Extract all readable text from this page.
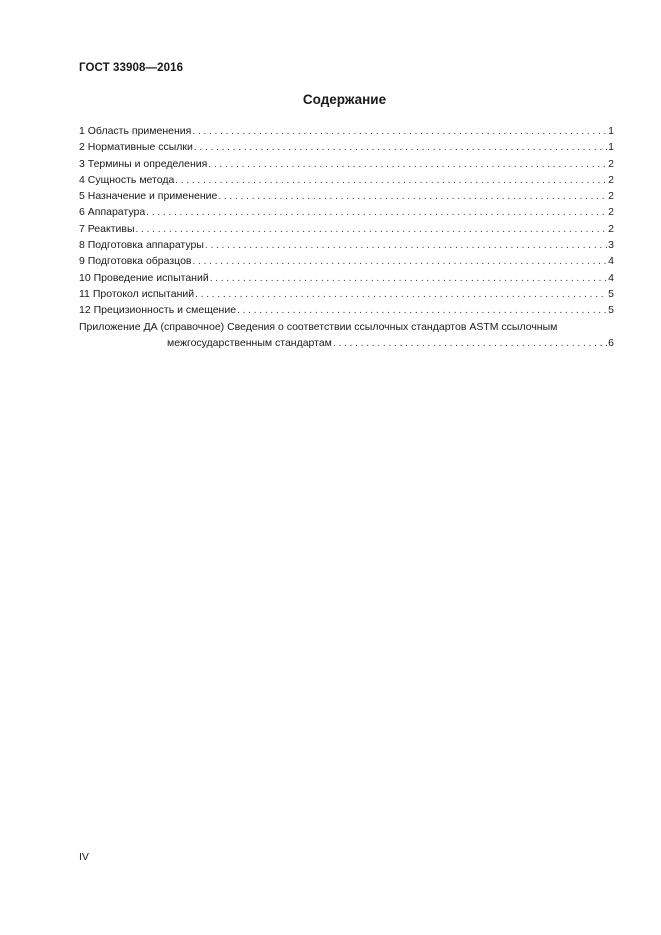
ГОСТ 33908—2016
Содержание
1 Область применения . . .	1
2 Нормативные ссылки . . .	1
3 Термины и определения . . .	2
4 Сущность метода . . .	2
5 Назначение и применение . . .	2
6 Аппаратура . . .	2
7 Реактивы . . .	2
8 Подготовка аппаратуры . . .	3
9 Подготовка образцов . . .	4
10 Проведение испытаний . . .	4
11 Протокол испытаний . . .	5
12 Прецизионность и смещение . . .	5
Приложение ДА (справочное) Сведения о соответствии ссылочных стандартов ASTM ссылочным
межгосударственным стандартам . . .	6
IV
